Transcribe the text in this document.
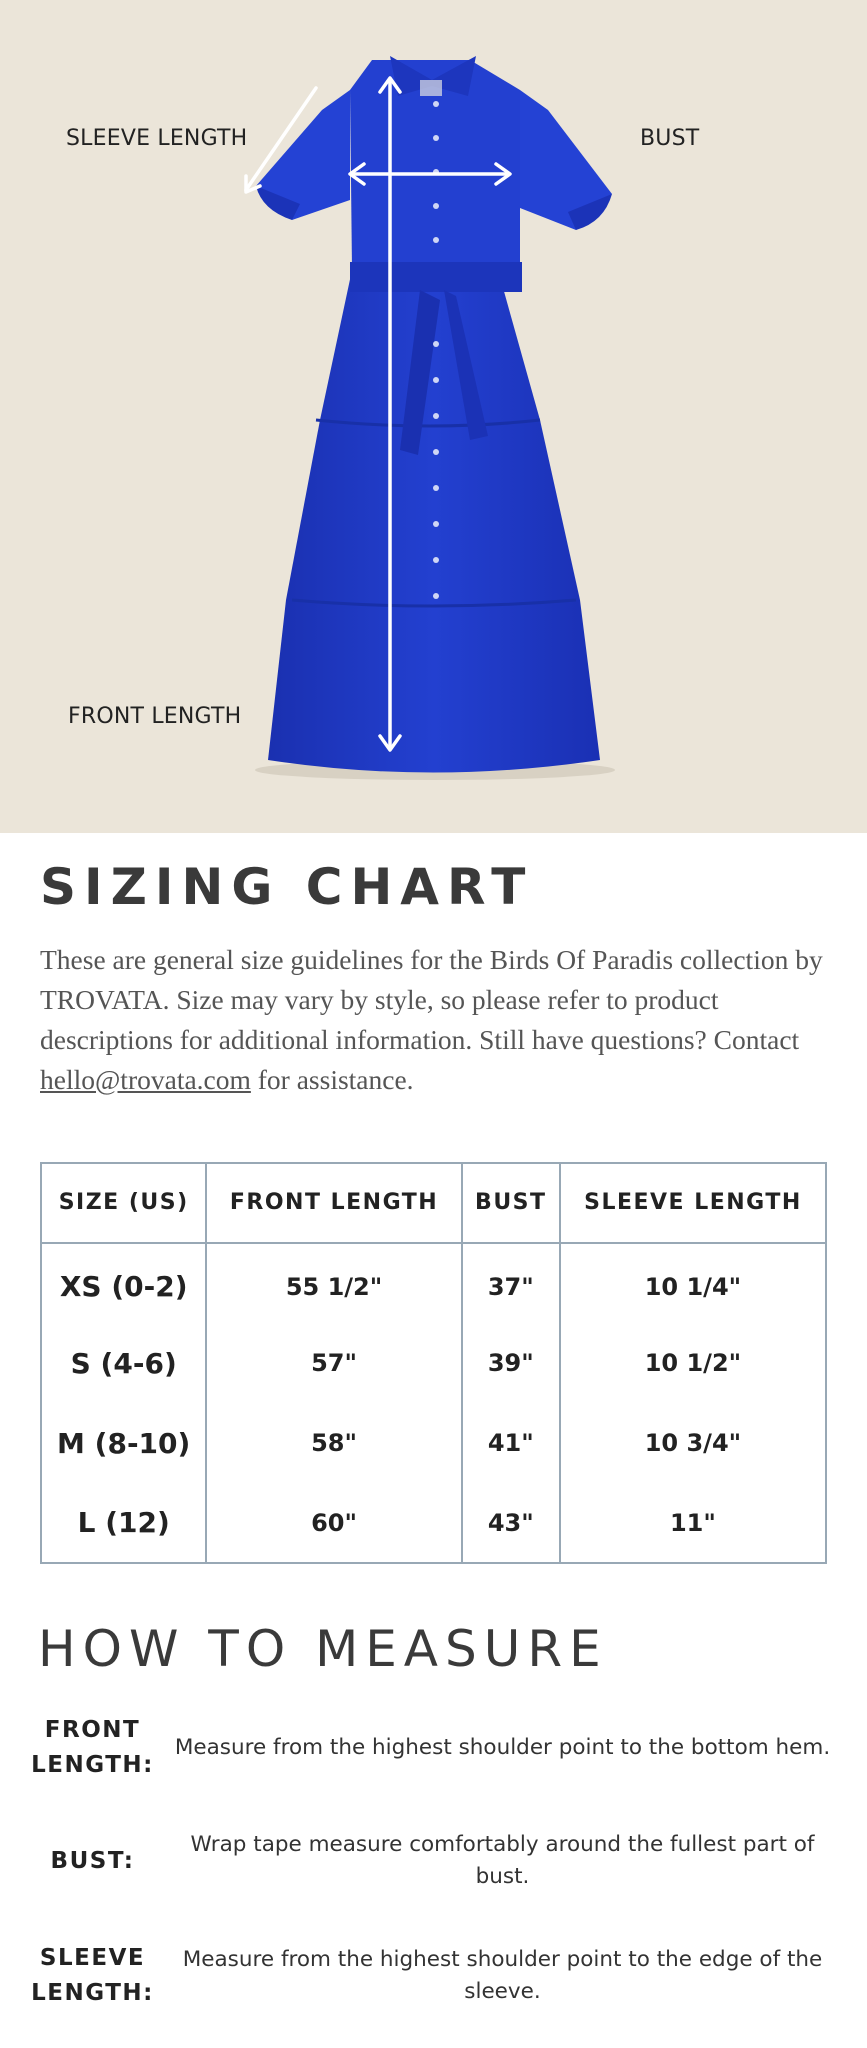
SLEEVE LENGTH	BUST
FRONT LENGTH
SIZING CHART

These are general size guidelines for the Birds Of Paradis collection by TROVATA. Size may vary by style, so please refer to product descriptions for additional information. Still have questions? Contact hello@trovata.com for assistance.

SIZE (US)	FRONT LENGTH	BUST	SLEEVE LENGTH
XS (0-2)	55 1/2"	37"	10 1/4"
S (4-6)	57"	39"	10 1/2"
M (8-10)	58"	41"	10 3/4"
L (12)	60"	43"	11"
HOW TO MEASURE
FRONT LENGTH:
Measure from the highest shoulder point to the bottom hem.
BUST:
Wrap tape measure comfortably around the fullest part of bust.
SLEEVE LENGTH:
Measure from the highest shoulder point to the edge of the sleeve.
